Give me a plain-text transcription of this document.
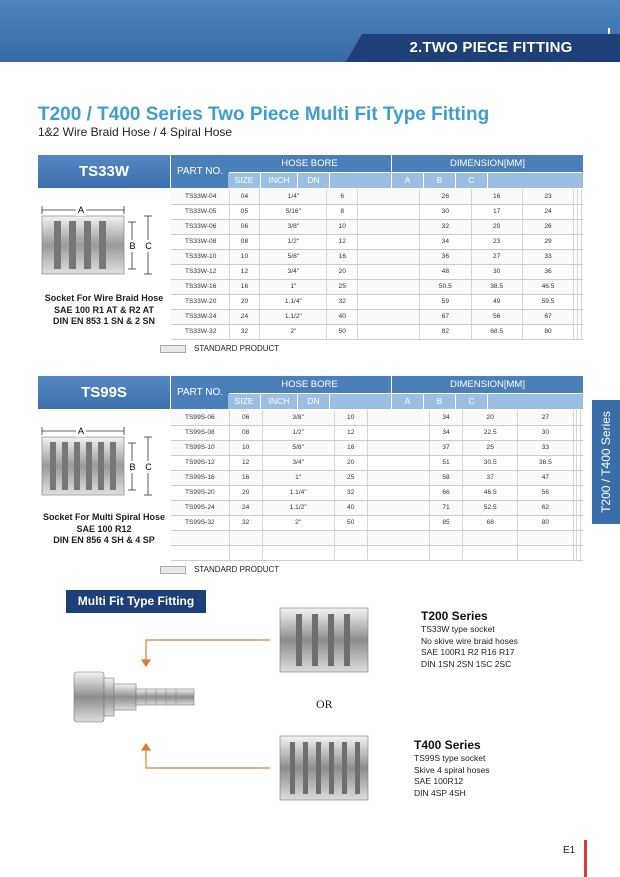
2.TWO PIECE FITTING
T200 / T400 Series Two Piece Multi Fit Type Fitting
1&2 Wire Braid Hose / 4 Spiral Hose
T200 / T400 Series
TS33W	PART NO.
HOSE BORE	DIMENSION[MM]
SIZE	INCH	DN	A	B	C
A
B C
Socket For Wire Braid Hose
SAE 100 R1 AT & R2 AT
DIN EN 853 1 SN & 2 SN
TS33W-04	04	1/4"	6		26	16	23			
TS33W-05	05	5/16"	8		30	17	24			
TS33W-06	06	3/8"	10		32	20	26			
TS33W-08	08	1/2"	12		34	23	29			
TS33W-10	10	5/8"	16		36	27	33			
TS33W-12	12	3/4"	20		48	30	36			
TS33W-16	16	1"	25		50.5	38.5	46.5			
TS33W-20	20	1.1/4"	32		59	49	59.5			
TS33W-24	24	1.1/2"	40		67	56	67			
TS33W-32	32	2"	50		82	68.5	80			
STANDARD PRODUCT
TS99S	PART NO.
HOSE BORE	DIMENSION[MM]
SIZE	INCH	DN	A	B	C
A
B C
Socket For Multi Spiral Hose
SAE 100 R12
DIN EN 856 4 SH & 4 SP
TS99S-06	06	3/8"	10		34	20	27			
TS99S-08	08	1/2"	12		34	22.5	30			
TS99S-10	10	5/8"	16		37	25	33			
TS99S-12	12	3/4"	20		51	30.5	38.5			
TS99S-16	16	1"	25		58	37	47			
TS99S-20	20	1.1/4"	32		66	46.5	56			
TS99S-24	24	1.1/2"	40		71	52.5	62			
TS99S-32	32	2"	50		85	68	80			

STANDARD PRODUCT
Multi Fit Type Fitting
OR
T200 Series
TS33W type socket
No skive wire braid hoses
SAE 100R1 R2 R16 R17
DIN 1SN 2SN 1SC 2SC
T400 Series
TS99S type socket
Skive 4 spiral hoses
SAE 100R12
DIN 4SP 4SH
E1
